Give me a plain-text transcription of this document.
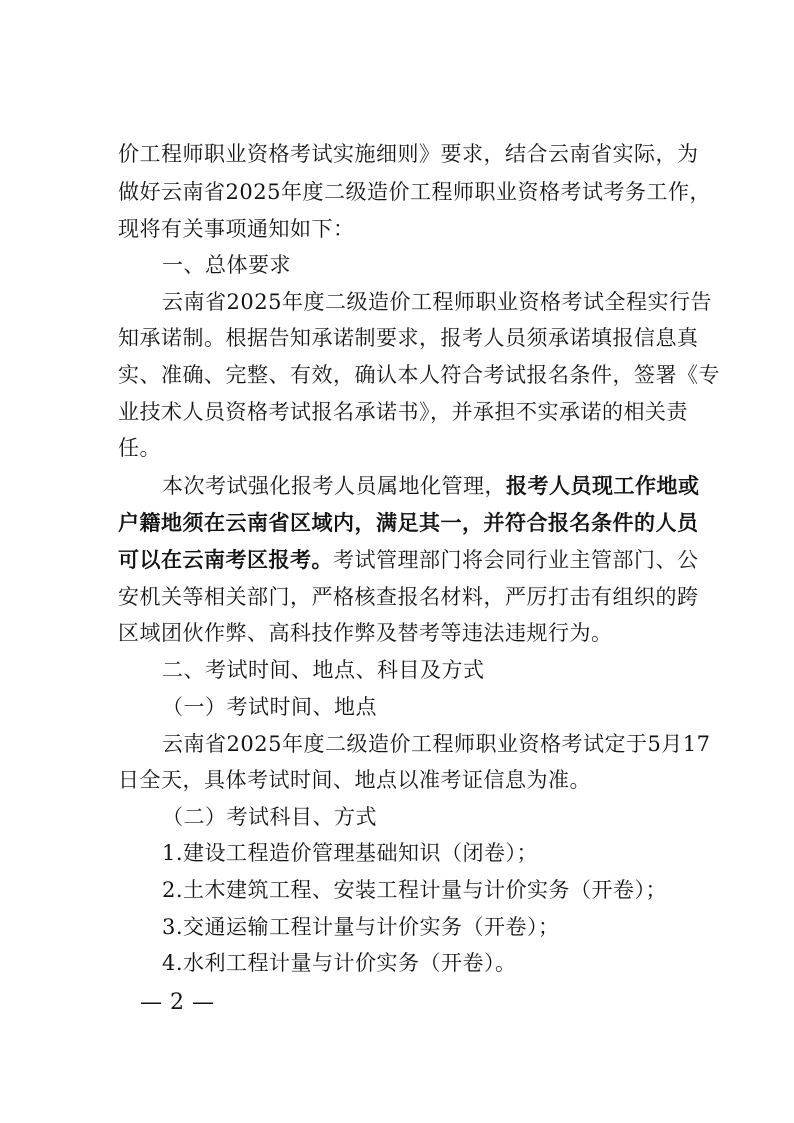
价工程师职业资格考试实施细则》要求，结合云南省实际，为
做好云南省2025年度二级造价工程师职业资格考试考务工作，
现将有关事项通知如下：
一、总体要求
云南省2025年度二级造价工程师职业资格考试全程实行告
知承诺制。根据告知承诺制要求，报考人员须承诺填报信息真
实、准确、完整、有效，确认本人符合考试报名条件，签署《专
业技术人员资格考试报名承诺书》，并承担不实承诺的相关责
任。
本次考试强化报考人员属地化管理， 报考人员现工作地或
户籍地须在云南省区域内，满足其一，并符合报名条件的人员
可以在云南考区报考。 考试管理部门将会同行业主管部门、公
安机关等相关部门，严格核查报名材料，严厉打击有组织的跨
区域团伙作弊、高科技作弊及替考等违法违规行为。
二、考试时间、地点、科目及方式
（一）考试时间、地点
云南省2025年度二级造价工程师职业资格考试定于5月17
日全天，具体考试时间、地点以准考证信息为准。
（二）考试科目、方式
1.建设工程造价管理基础知识（闭卷）；
2.土木建筑工程、安装工程计量与计价实务（开卷）；
3.交通运输工程计量与计价实务（开卷）；
4.水利工程计量与计价实务（开卷）。
— 2 —
